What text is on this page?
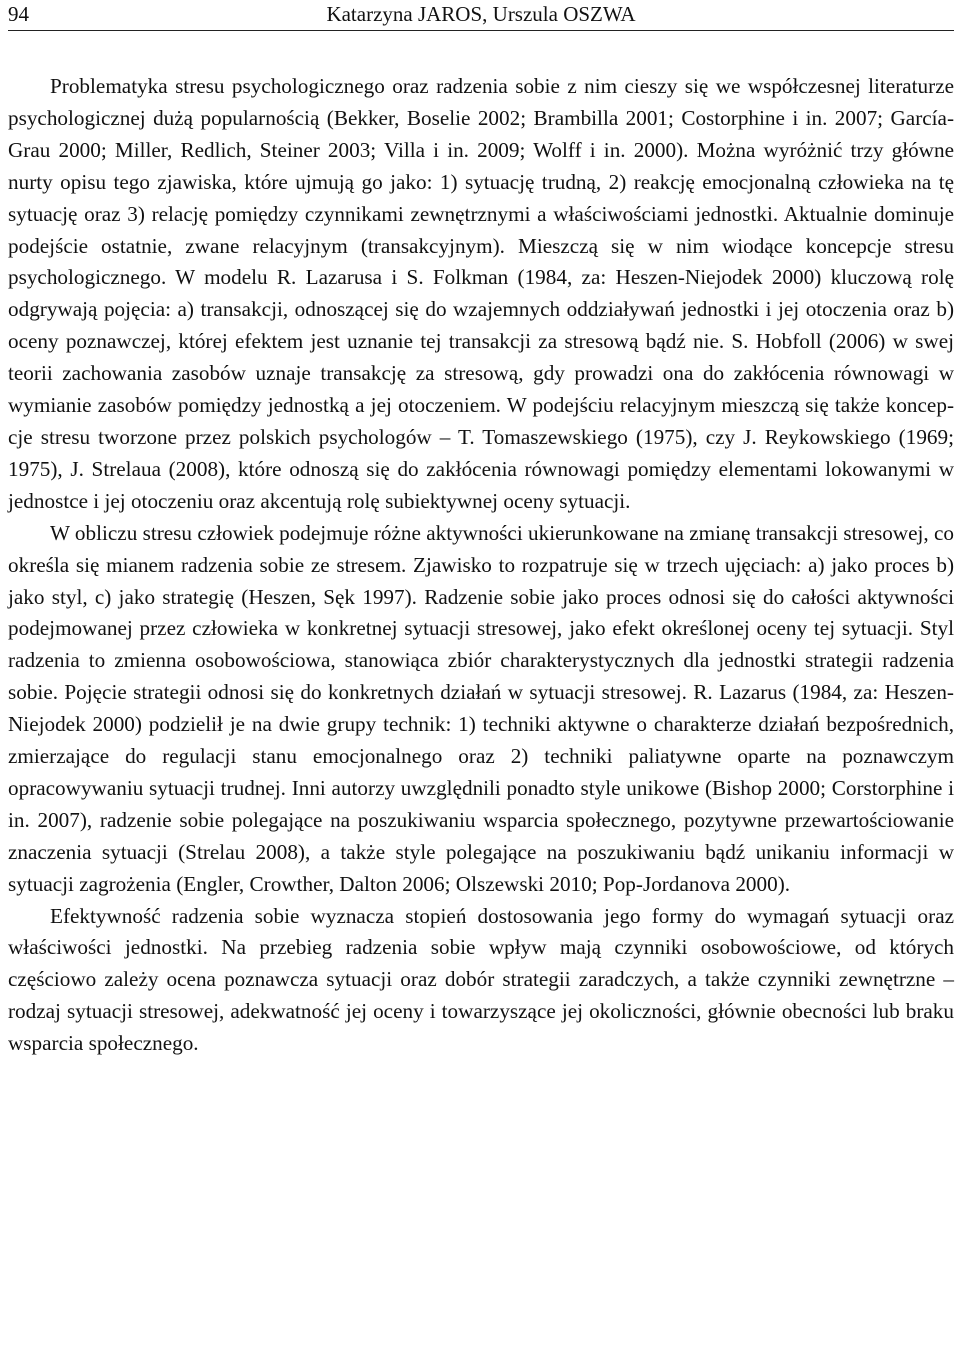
94	Katarzyna JAROS, Urszula OSZWA

Problematyka stresu psychologicznego oraz radzenia sobie z nim cieszy się we współczesnej literaturze psychologicznej dużą popularnością (Bekker, Boselie 2002; Brambilla 2001; Costorphine i in. 2007; García-Grau 2000; Miller, Redlich, Steiner 2003; Villa i in. 2009; Wolff i in. 2000). Można wyróżnić trzy główne nurty opisu tego zjawiska, które ujmują go jako: 1) sytuację trudną, 2) reakcję emocjonalną człowieka na tę sytuację oraz 3) relację pomiędzy czynnikami zewnętrznymi a właściwościami jednostki. Aktualnie dominuje podejście ostatnie, zwane relacyjnym (transakcyjnym). Mieszczą się w nim wiodące koncepcje stresu psychologicznego. W modelu R. Lazarusa i S. Folkman (1984, za: Heszen-Niejodek 2000) kluczową rolę odgrywają pojęcia: a) transakcji, odnoszącej się do wzajemnych oddziaływań jednostki i jej otoczenia oraz b) oceny poznawczej, której efektem jest uznanie tej transakcji za stresową bądź nie. S. Hobfoll (2006) w swej teorii zachowania zasobów uznaje transakcję za stresową, gdy prowadzi ona do zakłócenia równowagi w wymianie zasobów pomiędzy jednostką a jej otoczeniem. W podejściu relacyjnym mieszczą się także koncepcje stresu tworzone przez polskich psychologów – T. Tomaszewskiego (1975), czy J. Reykowskiego (1969; 1975), J. Strelaua (2008), które odnoszą się do zakłócenia równowagi pomiędzy elementami lokowanymi w jednostce i jej otoczeniu oraz akcentują rolę subiektywnej oceny sytuacji.

W obliczu stresu człowiek podejmuje różne aktywności ukierunkowane na zmianę transakcji stresowej, co określa się mianem radzenia sobie ze stresem. Zjawisko to rozpatruje się w trzech ujęciach: a) jako proces b) jako styl, c) jako strategię (Heszen, Sęk 1997). Radzenie sobie jako proces odnosi się do całości aktywności podejmowanej przez człowieka w konkretnej sytuacji stresowej, jako efekt określonej oceny tej sytuacji. Styl radzenia to zmienna osobowościowa, stanowiąca zbiór charakterystycznych dla jednostki strategii radzenia sobie. Pojęcie strategii odnosi się do konkretnych działań w sytuacji stresowej. R. Lazarus (1984, za: Heszen-Niejodek 2000) podzielił je na dwie grupy technik: 1) techniki aktywne o charakterze działań bezpośrednich, zmierzające do regulacji stanu emocjonalnego oraz 2) techniki paliatywne oparte na poznawczym opracowywaniu sytuacji trudnej. Inni autorzy uwzględnili ponadto style unikowe (Bishop 2000; Corstorphine i in. 2007), radzenie sobie polegające na poszukiwaniu wsparcia społecznego, pozytywne przewartościowanie znaczenia sytuacji (Strelau 2008), a także style polegające na poszukiwaniu bądź unikaniu informacji w sytuacji zagrożenia (Engler, Crowther, Dalton 2006; Olszewski 2010; Pop-Jordanova 2000).

Efektywność radzenia sobie wyznacza stopień dostosowania jego formy do wymagań sytuacji oraz właściwości jednostki. Na przebieg radzenia sobie wpływ mają czynniki osobowościowe, od których częściowo zależy ocena poznawcza sytuacji oraz dobór strategii zaradczych, a także czynniki zewnętrzne – rodzaj sytuacji stresowej, adekwatność jej oceny i towarzyszące jej okoliczności, głównie obecności lub braku wsparcia społecznego.
